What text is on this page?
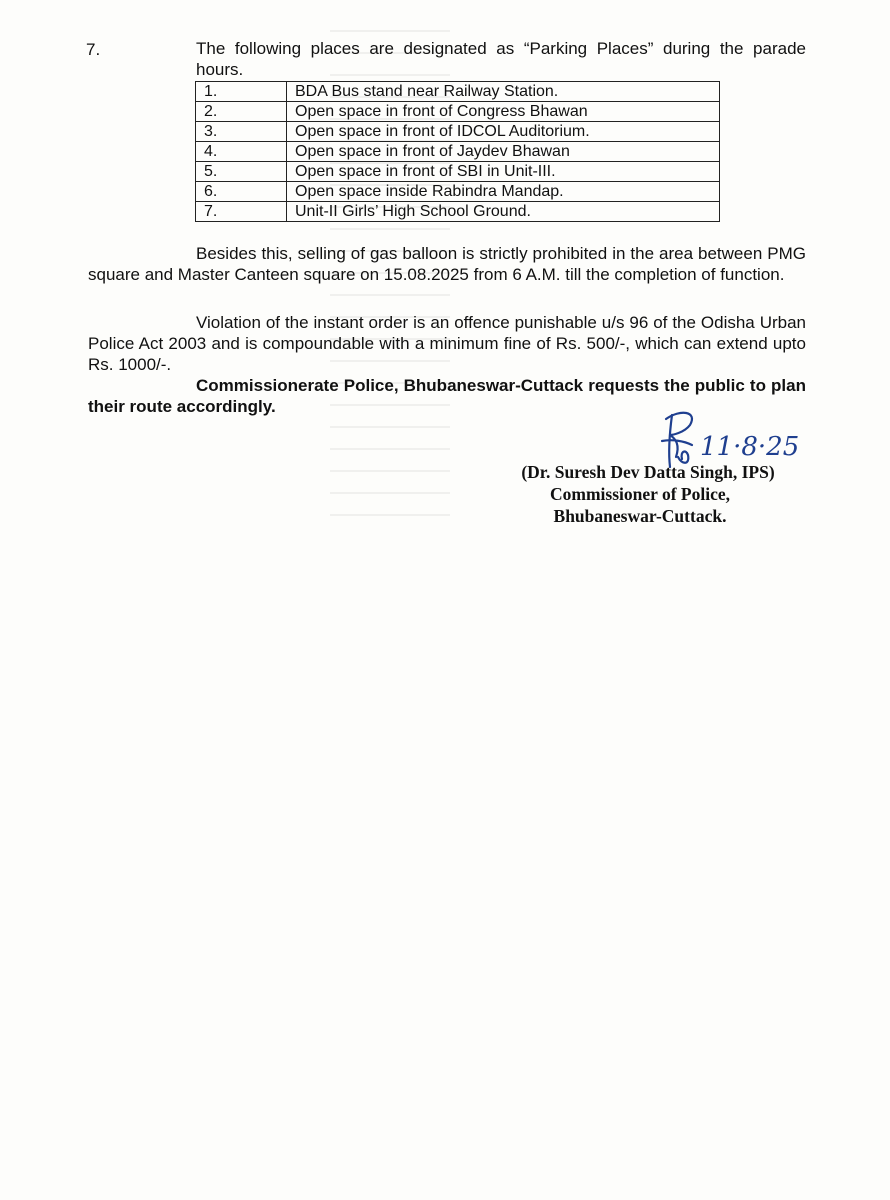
7.	The following places are designated as “Parking Places” during the parade hours.
1.	BDA Bus stand near Railway Station.
2.	Open space in front of Congress Bhawan
3.	Open space in front of IDCOL Auditorium.
4.	Open space in front of Jaydev Bhawan
5.	Open space in front of SBI in Unit-III.
6.	Open space inside Rabindra Mandap.
7.	Unit-II Girls’ High School Ground.
Besides this, selling of gas balloon is strictly prohibited in the area between PMG square and Master Canteen square on 15.08.2025 from 6 A.M. till the completion of function.
Violation of the instant order is an offence punishable u/s 96 of the Odisha Urban Police Act 2003 and is compoundable with a minimum fine of Rs. 500/-, which can extend upto Rs. 1000/-.
Commissionerate Police, Bhubaneswar-Cuttack requests the public to plan their route accordingly.
11·8·25
(Dr. Suresh Dev Datta Singh, IPS)
Commissioner of Police,
Bhubaneswar-Cuttack.
